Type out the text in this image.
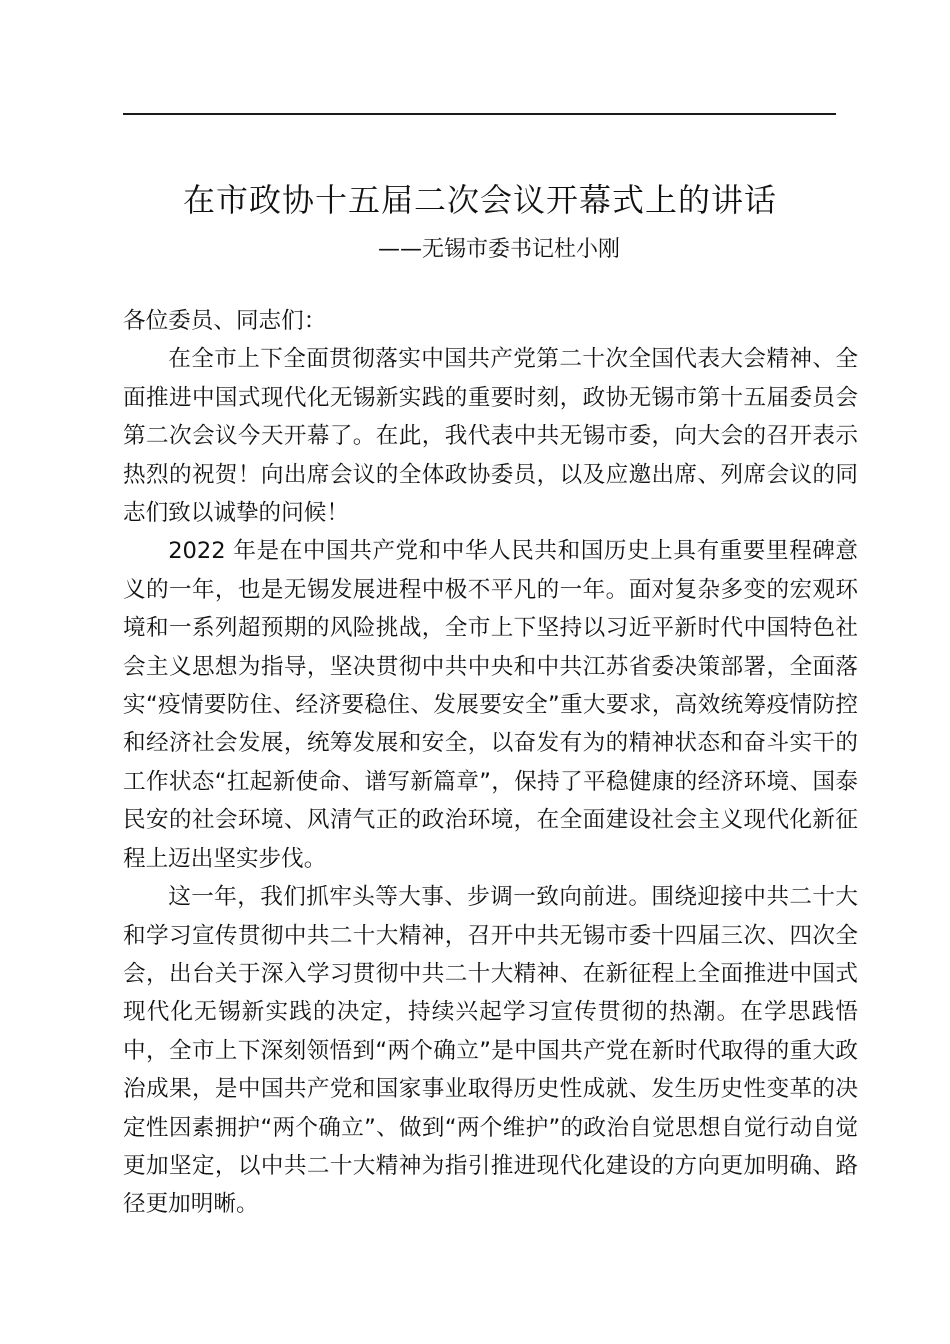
在市政协十五届二次会议开幕式上的讲话

——无锡市委书记杜小刚

各位委员、同志们：

在全市上下全面贯彻落实中国共产党第二十次全国代表大会精神、全面推进中国式现代化无锡新实践的重要时刻，政协无锡市第十五届委员会第二次会议今天开幕了。在此，我代表中共无锡市委，向大会的召开表示热烈的祝贺！向出席会议的全体政协委员，以及应邀出席、列席会议的同志们致以诚挚的问候！

2022 年是在中国共产党和中华人民共和国历史上具有重要里程碑意义的一年，也是无锡发展进程中极不平凡的一年。面对复杂多变的宏观环境和一系列超预期的风险挑战，全市上下坚持以习近平新时代中国特色社会主义思想为指导，坚决贯彻中共中央和中共江苏省委决策部署，全面落实“疫情要防住、经济要稳住、发展要安全”重大要求，高效统筹疫情防控和经济社会发展，统筹发展和安全，以奋发有为的精神状态和奋斗实干的工作状态“扛起新使命、谱写新篇章”，保持了平稳健康的经济环境、国泰民安的社会环境、风清气正的政治环境，在全面建设社会主义现代化新征程上迈出坚实步伐。

这一年，我们抓牢头等大事、步调一致向前进。围绕迎接中共二十大和学习宣传贯彻中共二十大精神，召开中共无锡市委十四届三次、四次全会，出台关于深入学习贯彻中共二十大精神、在新征程上全面推进中国式现代化无锡新实践的决定，持续兴起学习宣传贯彻的热潮。在学思践悟中，全市上下深刻领悟到“两个确立”是中国共产党在新时代取得的重大政治成果，是中国共产党和国家事业取得历史性成就、发生历史性变革的决定性因素拥护“两个确立”、做到“两个维护”的政治自觉思想自觉行动自觉更加坚定，以中共二十大精神为指引推进现代化建设的方向更加明确、路径更加明晰。
